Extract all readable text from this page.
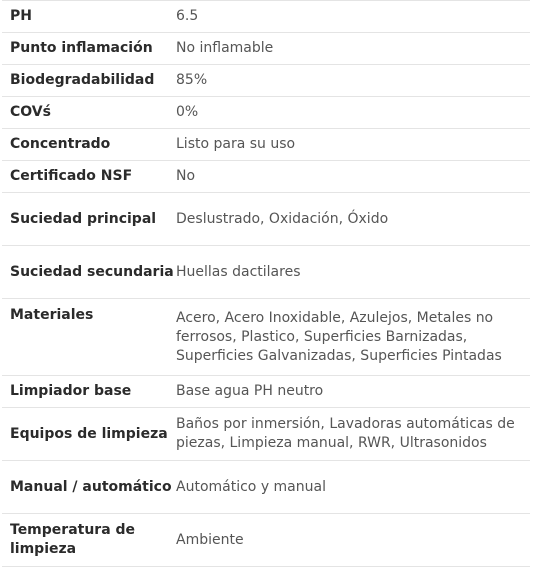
PH	6.5
Punto inflamación	No inflamable
Biodegradabilidad	85%
COVś	0%
Concentrado	Listo para su uso
Certificado NSF	No
Suciedad principal	Deslustrado, Oxidación, Óxido
Suciedad secundaria	Huellas dactilares
Materiales	Acero, Acero Inoxidable, Azulejos, Metales no ferrosos, Plastico, Superficies Barnizadas, Superficies Galvanizadas, Superficies Pintadas
Limpiador base	Base agua PH neutro
Equipos de limpieza	Baños por inmersión, Lavadoras automáticas de piezas, Limpieza manual, RWR, Ultrasonidos
Manual / automático	Automático y manual
Temperatura de limpieza	Ambiente
